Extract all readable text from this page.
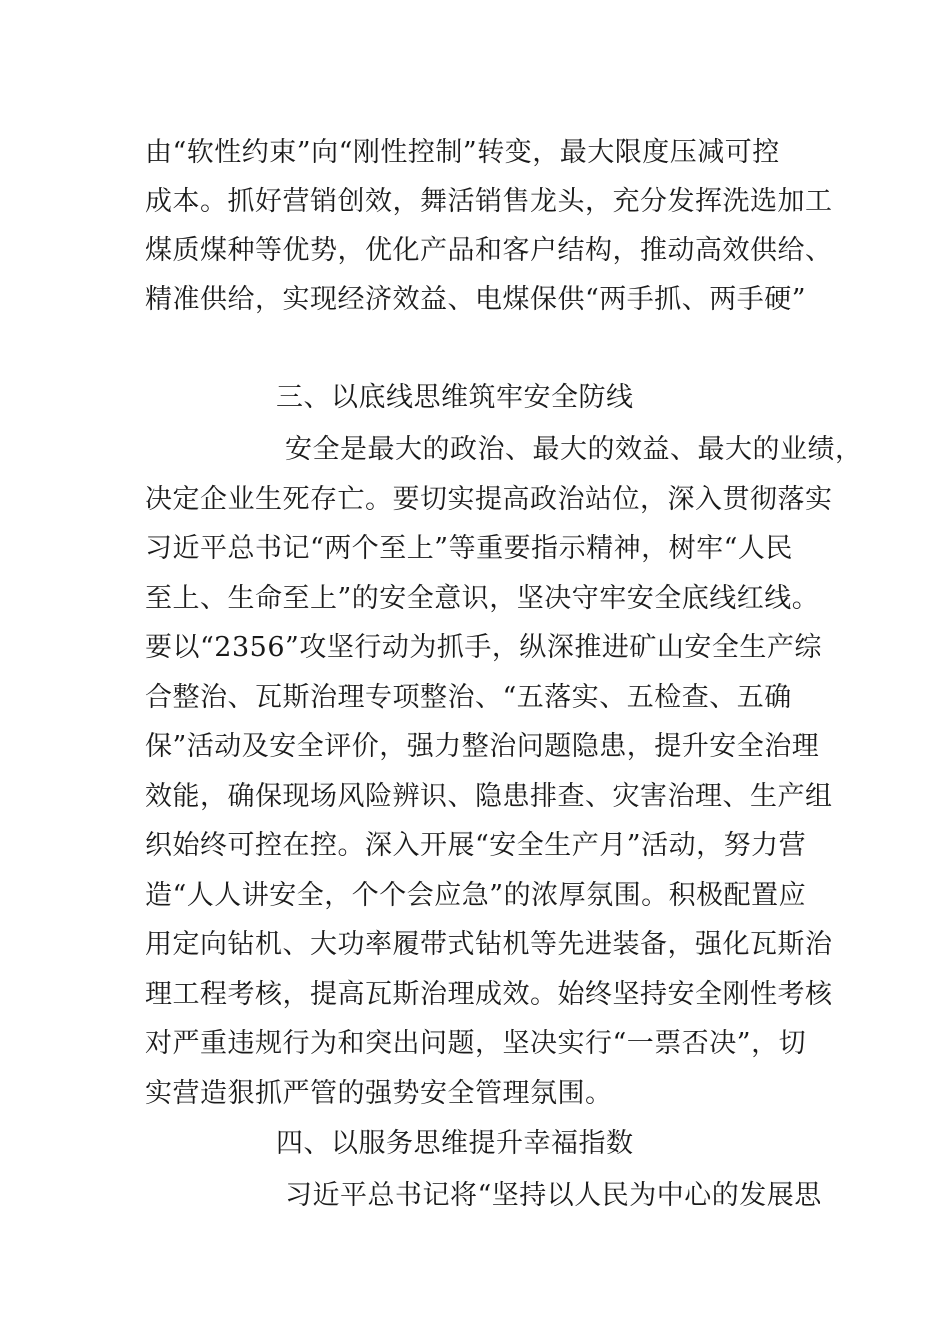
由“软性约束”向“刚性控制”转变，最大限度压减可控
成本。抓好营销创效，舞活销售龙头，充分发挥洗选加工
煤质煤种等优势，优化产品和客户结构，推动高效供给、
精准供给，实现经济效益、电煤保供“两手抓、两手硬”
三、以底线思维筑牢安全防线
安全是最大的政治、最大的效益、最大的业绩，
决定企业生死存亡。要切实提高政治站位，深入贯彻落实
习近平总书记“两个至上”等重要指示精神，树牢“人民
至上、生命至上”的安全意识，坚决守牢安全底线红线。
要以“2356”攻坚行动为抓手，纵深推进矿山安全生产综
合整治、瓦斯治理专项整治、“五落实、五检查、五确
保”活动及安全评价，强力整治问题隐患，提升安全治理
效能，确保现场风险辨识、隐患排查、灾害治理、生产组
织始终可控在控。深入开展“安全生产月”活动，努力营
造“人人讲安全，个个会应急”的浓厚氛围。积极配置应
用定向钻机、大功率履带式钻机等先进装备，强化瓦斯治
理工程考核，提高瓦斯治理成效。始终坚持安全刚性考核
对严重违规行为和突出问题，坚决实行“一票否决”，切
实营造狠抓严管的强势安全管理氛围。
四、以服务思维提升幸福指数
习近平总书记将“坚持以人民为中心的发展思
